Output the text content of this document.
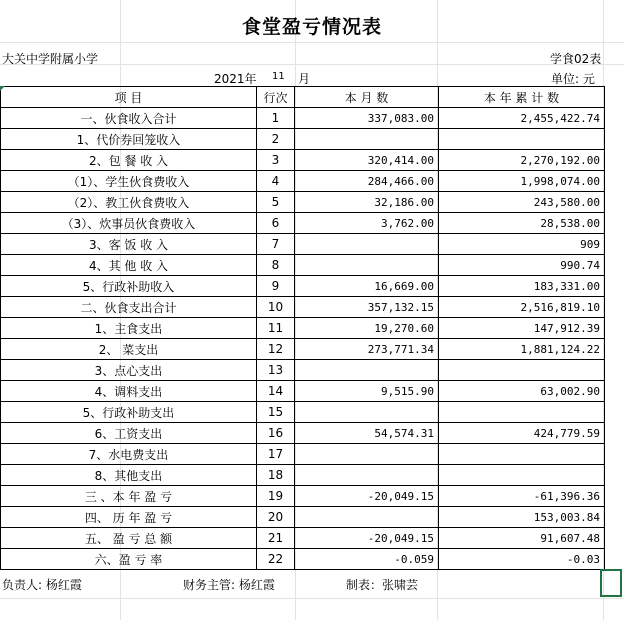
食堂盈亏情况表
大关中学附属小学	学食02表
2021年 11 月	单位: 元
项 目	行次	本 月 数	本 年 累 计 数
一、伙食收入合计	1	337,083.00	2,455,422.74
1、代价券回笼收入	2		
2、包 餐 收 入	3	320,414.00	2,270,192.00
（1）、学生伙食费收入	4	284,466.00	1,998,074.00
（2）、教工伙食费收入	5	32,186.00	243,580.00
（3）、炊事员伙食费收入	6	3,762.00	28,538.00
3、客 饭 收 入	7		909
4、其 他 收 入	8		990.74
5、行政补助收入	9	16,669.00	183,331.00
二、伙食支出合计	10	357,132.15	2,516,819.10
1、主食支出	11	19,270.60	147,912.39
2、 菜支出	12	273,771.34	1,881,124.22
3、点心支出	13		
4、调料支出	14	9,515.90	63,002.90
5、行政补助支出	15		
6、工资支出	16	54,574.31	424,779.59
7、水电费支出	17		
8、其他支出	18		
三 、本 年 盈 亏	19	-20,049.15	-61,396.36
四、 历 年 盈 亏	20		153,003.84
五、 盈 亏 总 额	21	-20,049.15	91,607.48
六、盈 亏 率	22	-0.059	-0.03
负责人: 杨红霞	财务主管: 杨红霞	制表：张啸芸
